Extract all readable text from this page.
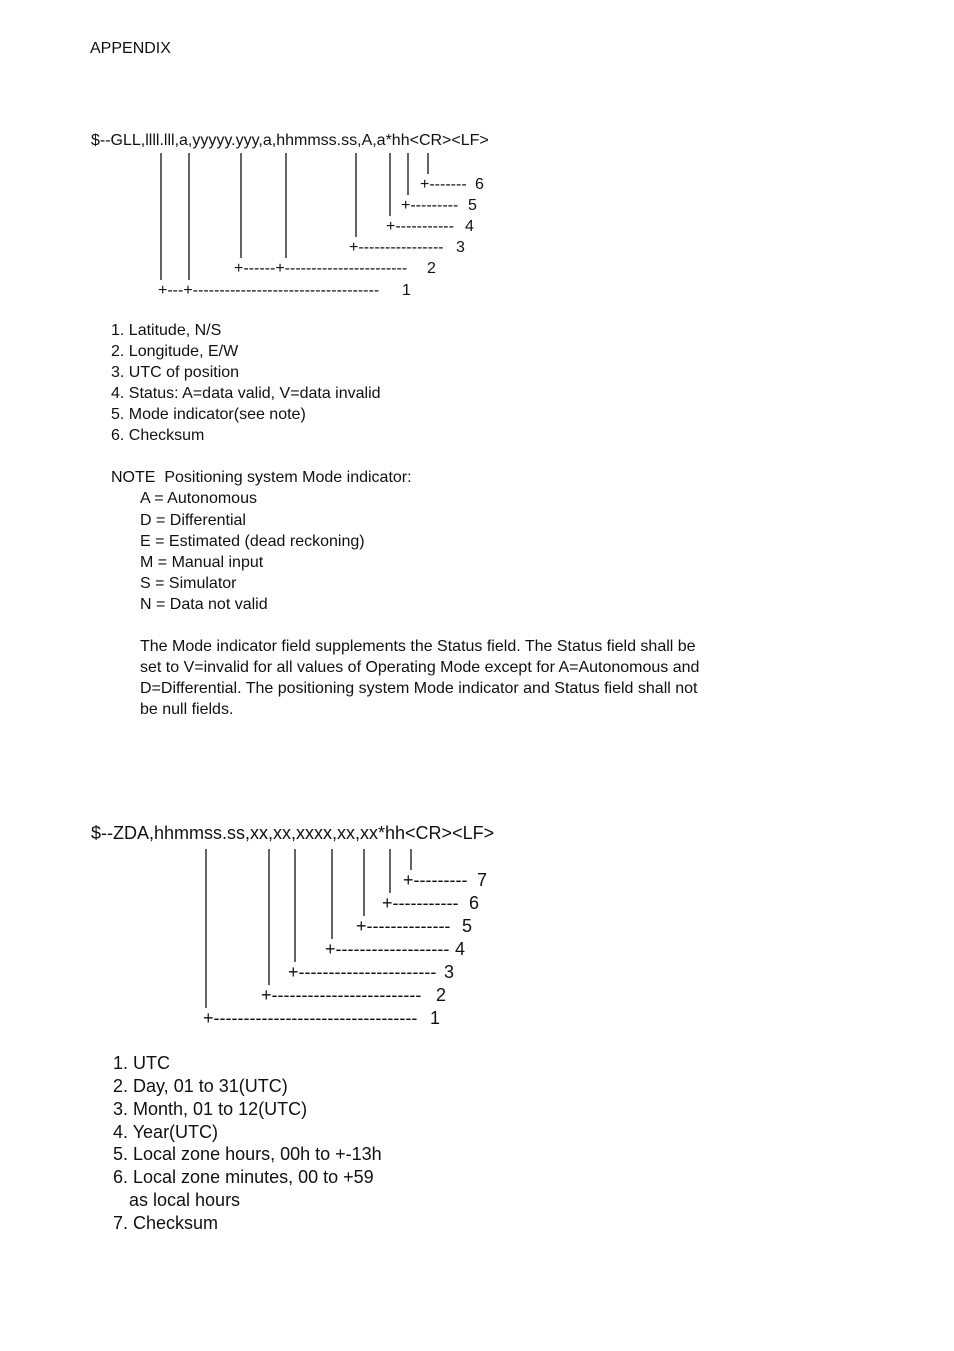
APPENDIX
$--GLL,llll.lll,a,yyyyy.yyy,a,hhmmss.ss,A,a*hh<CR><LF>
+-------
+---------
+-----------
+----------------
+------+-----------------------
+---+-----------------------------------
6
5
4
3
2
1
+---------
+-----------
+--------------
+-------------------
+-----------------------
+-------------------------
+----------------------------------
7
6
5
4
3
2
1
1. Latitude, N/S
2. Longitude, E/W
3. UTC of position
4. Status: A=data valid, V=data invalid
5. Mode indicator(see note)
6. Checksum
NOTE  Positioning system Mode indicator:
A = Autonomous
D = Differential
E = Estimated (dead reckoning)
M = Manual input
S = Simulator
N = Data not valid
The Mode indicator field supplements the Status field. The Status field shall be
set to V=invalid for all values of Operating Mode except for A=Autonomous and
D=Differential. The positioning system Mode indicator and Status field shall not
be null fields.
$--ZDA,hhmmss.ss,xx,xx,xxxx,xx,xx*hh<CR><LF>
1. UTC
2. Day, 01 to 31(UTC)
3. Month, 01 to 12(UTC)
4. Year(UTC)
5. Local zone hours, 00h to +-13h
6. Local zone minutes, 00 to +59
as local hours
7. Checksum
